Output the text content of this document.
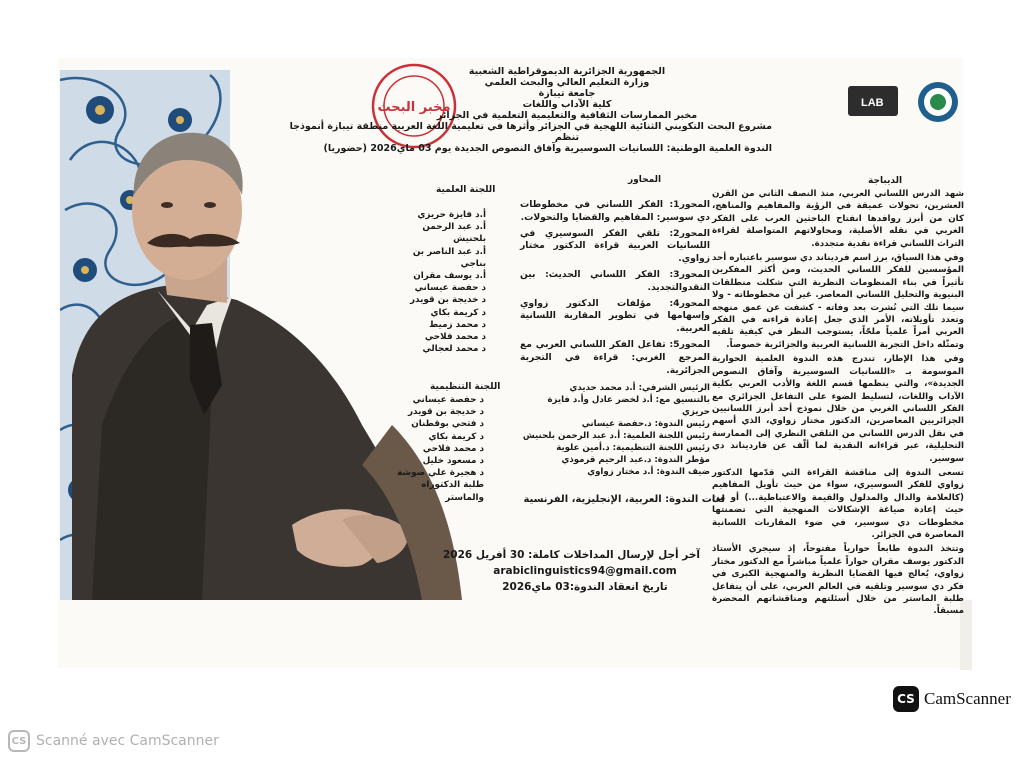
مخبر البحث	LAB
الجمهورية الجزائرية الديموقراطية الشعبية
وزارة التعليم العالي والبحث العلمي
جامعة تيبازة
كلية الآداب واللغات
مخبر الممارسات الثقافية والتعليمية التعلمية في الجزائر
مشروع البحث التكويني الثنائية اللهجية في الجزائر وأثرها في تعليمية اللغة العربية منطقة تيبازة أنموذجا
تنظم
الندوة العلمية الوطنية: اللسانيات السوسيرية وآفاق النصوص الجديدة يوم 03 ماي2026 (حضوريا)
الديباجة

شهد الدرس اللساني العربي، منذ النصف الثاني من القرن العشرين، تحولات عميقة في الرؤية والمفاهيم والمناهج، كان من أبرز روافدها انفتاح الباحثين العرب على الفكر الغربي في نقله الأصلية، ومحاولاتهم المتواصلة لقراءة التراث اللساني قراءة نقدية متجددة.

وفي هذا السياق، برز اسم فرديناند دي سوسير باعتباره أحد المؤسسين للفكر اللساني الحديث، ومن أكثر المفكرين تأثيراً في بناء المنظومات النظرية التي شكلت منطلقات البنيوية والتحليل اللساني المعاصر. غير أن مخطوطاته - ولا سيما تلك التي نُشرت بعد وفاته - كشفت عن عمق منهجه وتعدد تأويلاته، الأمر الذي جعل إعادة قراءته في الفكر العربي أمراً علمياً ملحّاً، يستوجب النظر في كيفية تلقيه وتمثّله داخل التجربة اللسانية العربية والجزائرية خصوصاً.

وفي هذا الإطار، تندرج هذه الندوة العلمية الحوارية الموسومة بـ «اللسانيات السوسيرية وآفاق النصوص الجديدة»، والتي ينظمها قسم اللغة والأدب العربي بكلية الآداب واللغات، لتسليط الضوء على التفاعل الجزائري مع الفكر اللساني الغربي من خلال نموذج أحد أبرز اللسانيين الجزائريين المعاصرين، الدكتور مختار زواوي، الذي أسهم في نقل الدرس اللساني من التلقي النظري إلى الممارسة التحليلية، عبر قراءاته النقدية لما ألّف عن فارديناند دي سوسير.

تسعى الندوة إلى مناقشة القراءة التي قدّمها الدكتور زواوي للفكر السوسيري، سواء من حيث تأويل المفاهيم (كالعلامة والدال والمدلول والقيمة والاعتباطية...) أو من حيث إعادة صياغة الإشكالات المنهجية التي تضمنتها مخطوطات دي سوسير، في ضوء المقاربات اللسانية المعاصرة في الجزائر.

وتتخذ الندوة طابعاً حوارياً مفتوحاً، إذ سيجري الأستاذ الدكتور يوسف مقران حواراً علمياً مباشراً مع الدكتور مختار زواوي، يُعالج فيها القضايا النظرية والمنهجية الكبرى في فكر دي سوسير وتلقيه في العالم العربي، على أن يتفاعل طلبة الماستر من خلال أسئلتهم ومناقشاتهم المحضرة مسبقاً.

المحاور

المحور1: الفكر اللساني في مخطوطات دي سوسير: المفاهيم والقضايا والتحولات.

المحور2: تلقي الفكر السوسيري في اللسانيات العربية قراءة الدكتور مختار زواوي.

المحور3: الفكر اللساني الحديث: بين النقدوالتجديد.

المحور4: مؤلفات الدكتور زواوي وإسهامها في تطوير المقاربة اللسانية العربية.

المحور5: تفاعل الفكر اللساني العربي مع المرجع الغربي: قراءة في التجربة الجزائرية.

الرئيس الشرفي: أ.د محمد حديدي
بالتنسيق مع: أ.د لخضر عادل وأ.د فايزة حريزي
رئيس الندوة: د.حفصة عيساني
رئيس اللجنة العلمية: أ.د عبد الرحمن بلحنيش
رئيس اللجنة التنظيمية: د.أمين علوية
مؤطر الندوة: د.عبد الرحيم قرموذي
ضيف الندوة: أ.د مختار زواوي
اللجنة العلمية
أ.د فايزة حريزي
أ.د عبد الرحمن بلحنيش
أ.د عبد الناصر بن بناجي
أ.د يوسف مقران
د حفصة عيساني
د خديجة بن قويدر
د كريمة بكاي
د محمد زميط
د محمد فلاحي
د محمد لعجالي
اللجنة التنظيمية
د حفصة عيساني
د خديجة بن قويدر
د فتحي بوقطنان
د كريمة بكاي
د محمد فلاحي
د مسعود خليل
د هجيرة علي صوشة
طلبة الدكتوراه والماستر	لغات الندوة: العربية، الإنجليزية، الفرنسية
آخر أجل لإرسال المداخلات كاملة: 30 أفريل 2026
arabiclinguistics94@gmail.com
تاريخ انعقاد الندوة:03 ماي2026
CS CamScanner
CS Scanné avec CamScanner
